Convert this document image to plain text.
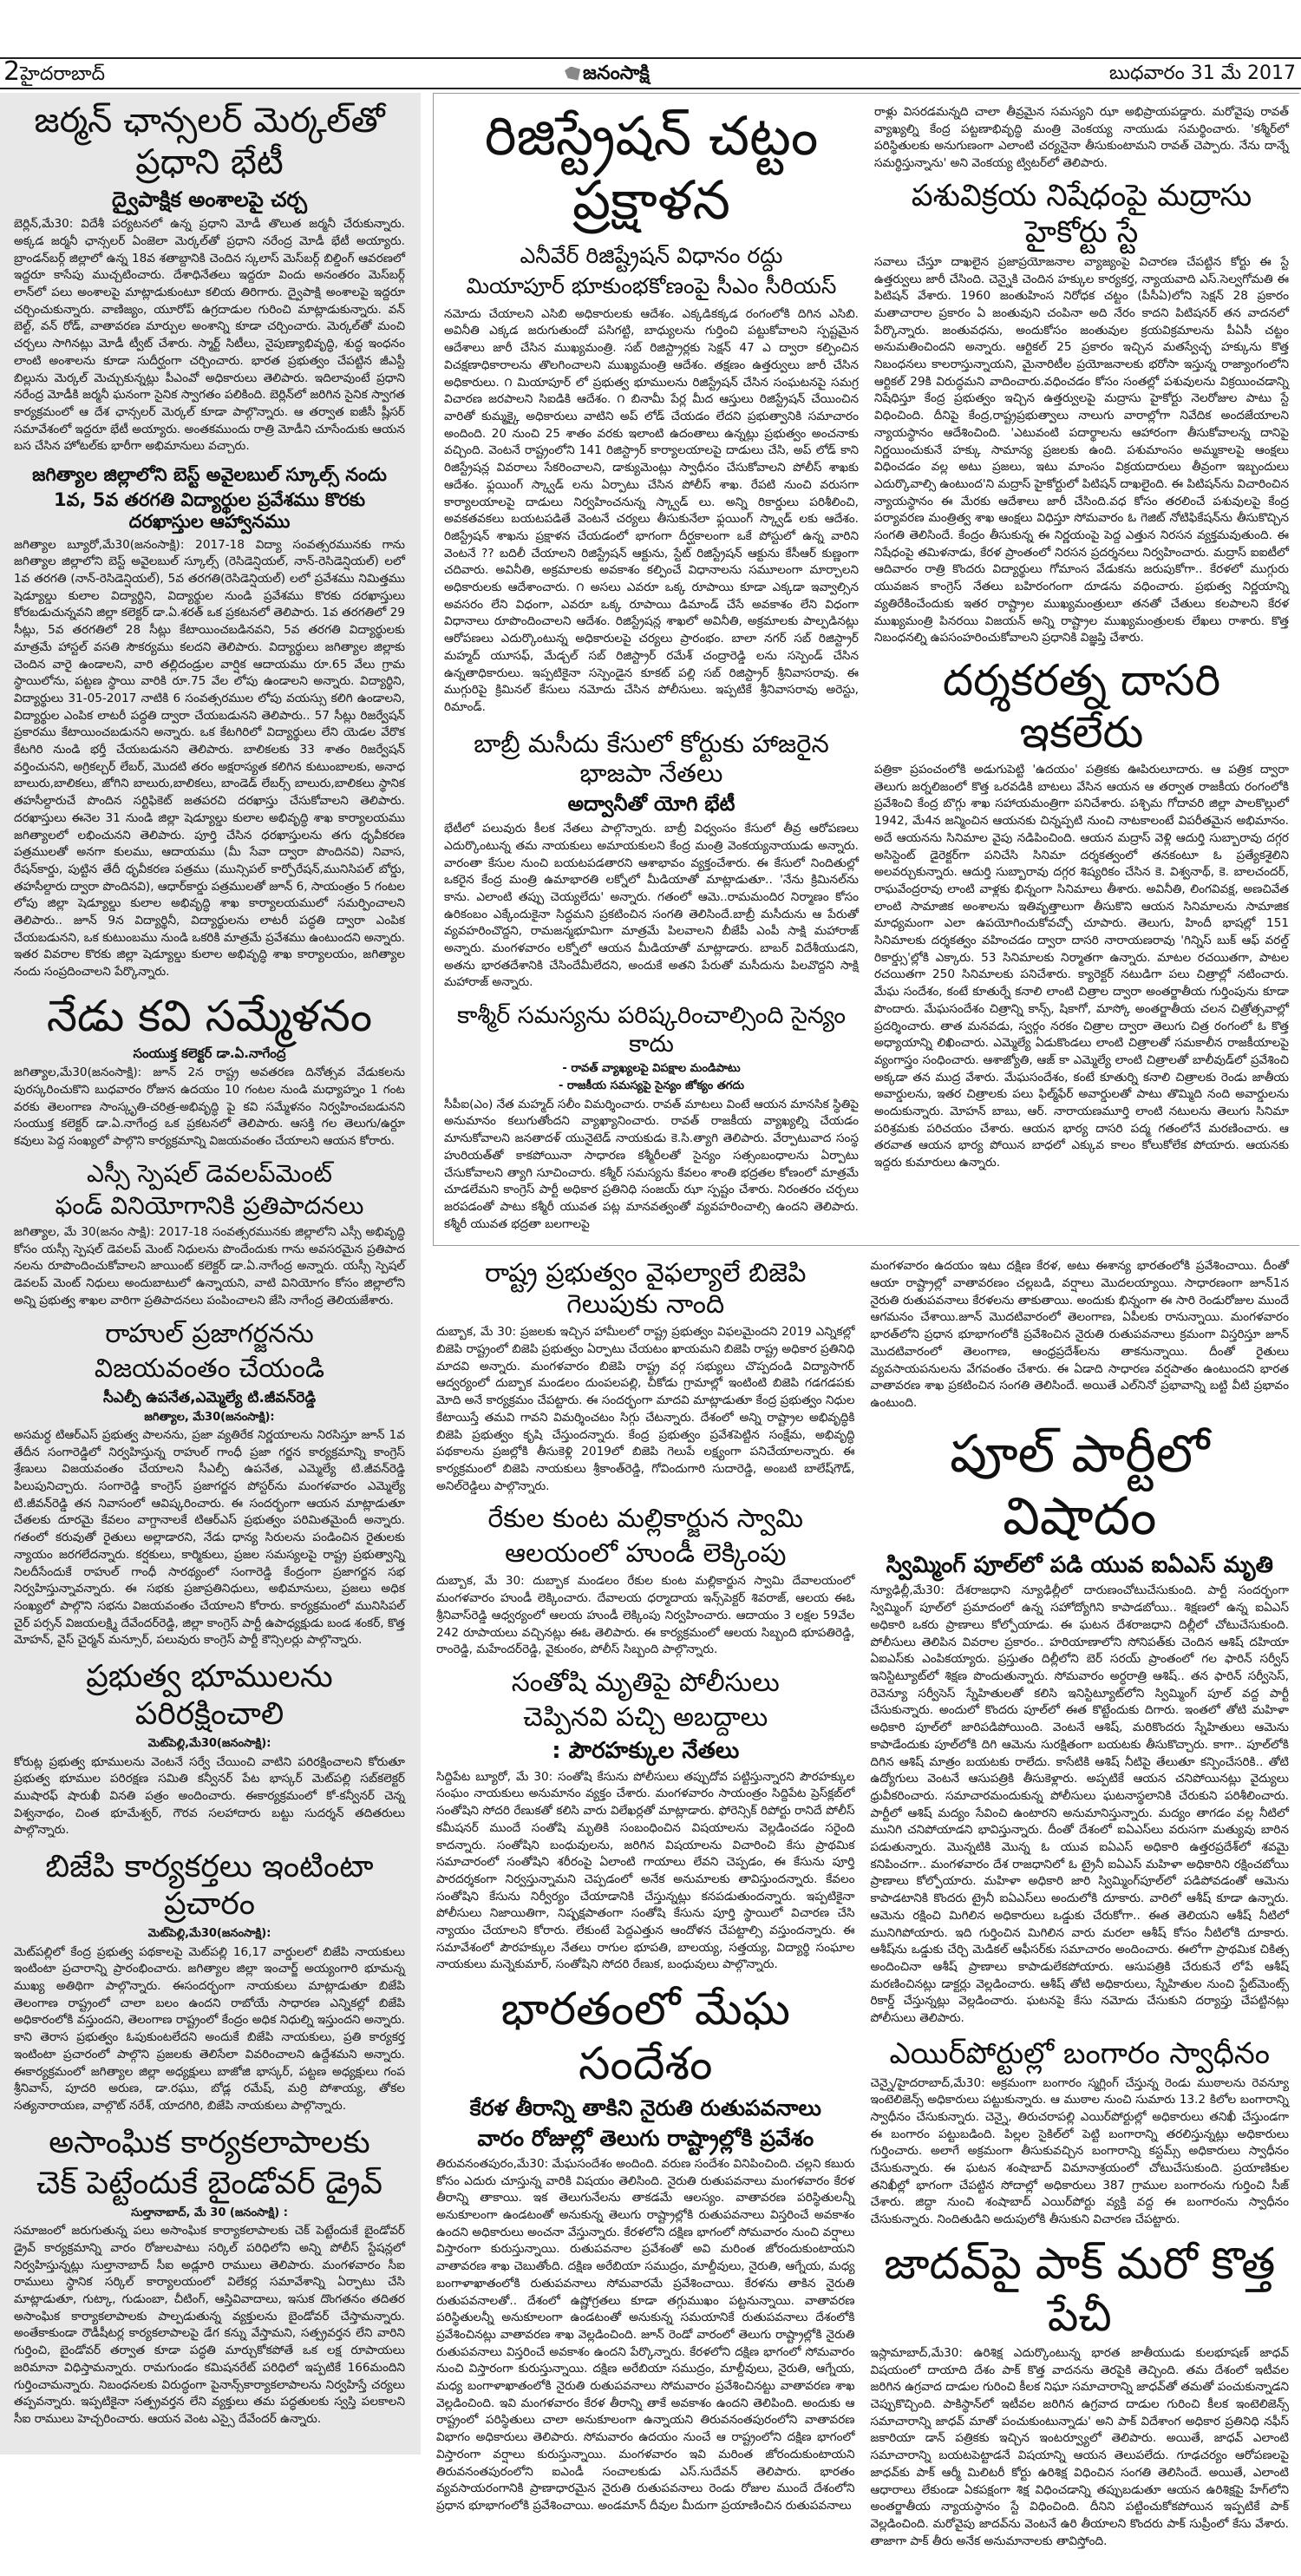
2హైదరాబాద్	జనంసాక్షి	బుధవారం 31 మే 2017
జర్మన్ ఛాన్సలర్ మెర్కల్‌తో ప్రధాని భేటీ
ద్వైపాక్షిక అంశాలపై చర్చ

బెర్లిన్,మే30: విదేశీ పర్యటనలో ఉన్న ప్రధాని మోడీ తొలుత జర్మనీ చేరుకున్నారు. అక్కడ జర్మనీ ఛాన్సలర్ ఏంజెలా మెర్కల్‌తో ప్రధాని నరేంద్ర మోడీ భేటీ అయ్యారు. బ్రాండన్‌బర్గ్ జిల్లాలో ఉన్న 18వ శతాబ్దానికి చెందిన స్కలాస్ మెస్‌బర్గ్ బిల్డింగ్ ఆవరణలో ఇద్దరూ కాసేపు ముచ్చటించారు. దేశాధినేతలు ఇద్దరూ విందు అనంతరం మెస్‌బర్గ్ లాన్‌లో పలు అంశాలపై మాట్లాడుకుంటూ కలియ తిరిగారు. ద్వైపాక్షి అంశాలపై ఇద్దరూ చర్చించుకున్నారు. వాణిజ్యం, యూరోప్ ఉగ్రదాడుల గురించి మాట్లాడుకున్నారు. వన్ బెల్ట్, వన్ రోడ్, వాతావరణ మార్పుల అంశాన్ని కూడా చర్చించారు. మెర్కల్‌తో మంచి చర్చలు సాగినట్లు మోడీ ట్వీట్ చేశారు. స్మార్ట్ సిటీలు, నైపుణ్యాభివృద్ధి, శుద్ధ ఇంధనం లాంటి అంశాలను కూడా సుదీర్ఘంగా చర్చించారు. భారత ప్రభుత్వం చేపట్టిన జీఎస్టీ బిల్లును మెర్కల్ మెచ్చుకున్నట్లు పీఎంవో అధికారులు తెలిపారు. ఇదిలావుంటే ప్రధాని నరేంద్ర మోడీకి జర్మనీ ఘనంగా సైనిక స్వాగతం పలికింది. బెర్లిన్‌లో జరిగిన సైనిక స్వాగత కార్యక్రమంలో ఆ దేశ ఛాన్సలర్ మెర్కల్ కూడా పాల్గొన్నారు. ఆ తర్వాత ఐజీసీ ష్లీసర్ సమావేశంలో ఇద్దరూ భేటీ అయ్యారు. అంతకముందు రాత్రి మోడీని చూసేందుకు ఆయన బస చేసిన హోటల్‌కు భారీగా అభిమానులు వచ్చారు.

జగిత్యాల జిల్లాలోని బెస్ట్ అవైలబుల్ స్కూల్స్ నందు
1వ, 5వ తరగతి విద్యార్థుల ప్రవేశము కొరకు దరఖాస్తుల ఆహ్వానము

జగిత్యాల బ్యూరో,మే30(జనంసాక్షి): 2017-18 విద్యా సంవత్సరమునకు గాను జగిత్యాల జిల్లాలోని బెస్ట్ అవైలబుల్ స్కూల్స్ (రెసిడెన్షియల్, నాన్-రెసిడెన్షియల్) లలో 1వ తరగతి (నాన్-రెసిడెన్షియల్), 5వ తరగతి(రెసిడెన్షియల్) లలో ప్రవేశము నిమిత్తము షెడ్యూల్డు కులాల విద్యార్థిని, విద్యార్థుల నుండి ప్రవేశము కొరకు దరఖాస్తులు కోరబడుచున్నవని జిల్లా కలెక్టర్ డా.ఏ.శరత్ ఒక ప్రకటనలో తెలిపారు. 1వ తరగతిలో 29 సీట్లు, 5వ తరగతిలో 28 సీట్లు కేటాయించబడినవని, 5వ తరగతి విద్యార్థులకు మాత్రమే హాస్టల్ వసతి సౌకర్యము కలదని తెలిపారు. విద్యార్థులు జగిత్యాల జిల్లాకు చెందిన వారై ఉండాలని, వారి తల్లిదండ్రుల వార్షిక ఆదాయము రూ.65 వేలు గ్రామ స్థాయిలోను, పట్టణ స్థాయి వారికి రూ.75 వేల లోపు ఉండాలని అన్నారు. విద్యార్థిని, విద్యార్థులు 31-05-2017 నాటికి 6 సంవత్సరముల లోపు వయస్సు కలిగి ఉండాలని, విద్యార్థుల ఎంపిక లాటరీ పద్ధతి ద్వారా చేయబడునని తెలిపారు.. 57 సీట్లు రిజర్వేషన్ ప్రకారము కేటాయించబడునని అన్నారు. ఒక కేటగిరిలో విద్యార్థులు లేని యెడల వేరొక కేటగిరి నుండి భర్తీ చేయబడునని తెలిపారు. బాలికలకు 33 శాతం రిజర్వేషన్ వర్తించునని, అగ్రికల్చర్ లేబర్, మొదటి తరం అక్షరాస్యత కలిగిన కుటుంబాలకు, అనాధ బాలురు,బాలికలు, జోగిని బాలురు,బాలికలు, బాండెడ్ లేబర్స్ బాలురు,బాలికలు స్థానిక తహసీల్దారుచే పొందిన సర్టిఫికెట్ జతపరచి దరఖాస్తు చేసుకోవాలని తెలిపారు. దరఖాస్తులు ఈనెల 31 నుండి జిల్లా షెడ్యూల్డు కులాల అభివృద్ధి శాఖ కార్యాలయము జగిత్యాలలో లభించునని తెలిపారు. పూర్తి చేసిన ధరఖాస్తులను తగు ధృవీకరణ పత్రములతో అనగా కులము, ఆదాయము (మీ సేవా ద్వారా పొందినవి) నివాస, రేషన్‌కార్డు, పుట్టిన తేదీ ధృవీకరణ పత్రము (మున్సిపల్ కార్పోరేషన్,మునిసిపల్ బోర్డు, తహసీల్దారు ద్వారా పొందినవి), ఆధార్‌కార్డు పత్రములతో జూన్ 6, సాయంత్రం 5 గంటల లోపు జిల్లా షెడ్యూల్డు కులాల అభివృద్ధి శాఖ కార్యాలయములో సమర్పించాలని తెలిపారు.. జూన్ 9న విద్యార్థినీ, విద్యార్థులను లాటరీ పద్ధతి ద్వారా ఎంపిక చేయబడునని, ఒక కుటుంబము నుండి ఒకరికి మాత్రమే ప్రవేశము ఉంటుందని అన్నారు. ఇతర వివరాల కొరకు జిల్లా షెడ్యూల్డు కులాల అభివృద్ధి శాఖ కార్యాలయం, జగిత్యాల నందు సంప్రదించాలని పేర్కొన్నారు.

నేడు కవి సమ్మేళనం
సంయుక్త కలెక్టర్ డా.ఏ.నాగేంద్ర

జగిత్యాల,మే30(జనంసాక్షి): జూన్ 2న రాష్ట్ర అవతరణ దినోత్సవ వేడుకలను పురస్కరించుకొని బుధవారం రోజున ఉదయం 10 గంటల నుండి మధ్యాహ్నం 1 గంట వరకు తెలంగాణ సాంస్కృతి-చరిత్ర-అభివృద్ధి పై కవి సమ్మేళనం నిర్వహించబడునని సంయుక్త కలెక్టర్ డా.ఏ.నాగేంద్ర ఒక ప్రకటనలో తెలిపారు. ఆసక్తి గల తెలుగు/ఉర్దూ కవులు పెద్ద సంఖ్యలో పాల్గొని కార్యక్రమాన్ని విజయవంతం చేయాలని ఆయన కోరారు.

ఎస్సీ స్పెషల్ డెవలప్‌మెంట్
ఫండ్ వినియోగానికి ప్రతిపాదనలు

జగిత్యాల, మే 30(జనం సాక్షి): 2017-18 సంవత్సరమునకు జిల్లాలోని ఎస్సీ అభివృద్ధి కోసం యస్సీ స్పెషల్ డెవలప్ మెంట్ నిధులను పొందేందుకు గాను అవసరమైన ప్రతిపాద నలను రూపొందించుకోవాలని జాయింట్ కలెక్టర్ డా.ఏ.నాగేంద్ర అన్నారు. యస్సీ స్పెషల్ డెవలప్ మెంట్ నిధులు అందుబాటులో ఉన్నాయని, వాటి వినియోగం కోసం జిల్లాలోని అన్ని ప్రభుత్వ శాఖల వారిగా ప్రతిపాదనలు పంపించాలని జేసి నాగేంద్ర తెలియజేశారు.

రాహుల్ ప్రజాగర్జనను
విజయవంతం చేయండి
సీఎల్పీ ఉపనేత,ఎమ్మెల్యే టి.జీవన్‌రెడ్డి
జగిత్యాల, మే30(జనంసాక్షి):

అసమర్ధ టిఆర్ఎస్ ప్రభుత్వ పాలనను, ప్రజా వ్యతిరేక నిర్ణయాలను నిరసిస్తూ జూన్ 1వ తేదీన సంగారెడ్డిలో నిర్వహిస్తున్న రాహుల్ గాంధీ ప్రజా గర్జన కార్యక్రమాన్ని కాంగ్రెస్ శ్రేణులు విజయవంతం చేయాలని సీఎల్పీ ఉపనేత, ఎమ్మెల్యే టి.జీవన్‌రెడ్డి పిలుపునిచ్చారు. సంగారెడ్డి కాంగ్రెస్ ప్రజాగర్జన పోస్టర్‌ను మంగళవారం ఎమ్మెల్యే టి.జీవన్‌రెడ్డి తన నివాసంలో ఆవిష్కరించారు. ఈ సందర్భంగా ఆయన మాట్లాడుతూ చేతలకు దూరమై కేవలం వాగ్దానాలకే టిఆర్ఎస్ ప్రభుత్వం పరిమితమైందీ అన్నారు. గతంలో కరువుతో రైతులు అల్లాడారని, నేడు ధాన్య సిరులను పండించిన రైతులకు న్యాయం జరగలేదన్నారు. కర్షకులు, కార్మికులు, ప్రజల సమస్యలపై రాష్ట్ర ప్రభుత్వాన్ని నిలదీసేందుకే రాహుల్ గాంధీ సారథ్యంలో సంగారెడ్డి కేంద్రంగా ప్రజాగర్జన సభ నిర్వహిస్తున్నావన్నారు. ఈ సభకు ప్రజాప్రతినిధులు, అభిమానులు, ప్రజలు అధిక సంఖ్యలో పాల్గొని సభను విజయవంతం చేయాలని కోరారు. కార్యక్రమంలో మునిసిపల్ చైర్ పర్సన్ విజయలక్ష్మి దేవేందర్‌రెడ్డి, జిల్లా కాంగ్రెస్ పార్టీ ఉపాధ్యక్షుడు బండ శంకర్, కొత్త మోహన్, వైస్ చైర్మన్ మన్సూర్, పలువురు కాంగ్రెస్ పార్టీ కౌన్సిలర్లు పాల్గొన్నారు.

ప్రభుత్వ భూములను పరిరక్షించాలి
మెట్‌పెల్లి,మే30(జనంసాక్షి):

కోరుట్ల ప్రభుత్వ భూములను వెంటనే సర్వే చేయించి వాటిని పరిరక్షించాలని కోరుతూ ప్రభుత్వ భూముల పరిరక్షణ సమితి కన్వీనర్ పేట భాస్కర్ మెట్‌పల్లి సబ్‌కలెక్టర్ ముషారఫ్ షారుఖీ వినతి పత్రం అందించారు. ఈకార్యక్రమంలో కో-కన్వీనర్ చెన్న విశ్వనాథం, చింత భూమేశ్వర్, గౌరవ సలహాదారు బట్టు సుదర్శన్ తదితరులు పాల్గొన్నారు.

బిజేపి కార్యకర్తలు ఇంటింటా ప్రచారం
మెట్‌పెల్లి,మే30(జనంసాక్షి):

మెట్‌పల్లిలో కేంద్ర ప్రభుత్వ పథకాలపై మెట్‌పల్లి 16,17 వార్డులలో బిజేపి నాయకులు ఇంటింటా ప్రచారాన్ని ప్రారంభించారు. జగిత్యాల జిల్లా ఇంచార్జ్ అయ్యంగారి భూమన్న ముఖ్య అతిథిగా పాల్గొన్నారు. ఈసందర్భంగా నాయకులు మాట్లాడుతూ బిజేపి తెలంగాణ రాష్ట్రంలో చాలా బలం ఉందని రాబోయే సాధారణ ఎన్నికల్లో బిజేపి అధికారంలోకి వస్తుందని, తెలంగాణ రాష్ట్రంలో కేంద్రం అధిక నిధుల్ని ఇస్తుందని అన్నారు. కాని తెరాస ప్రభుత్వం ఓపుకుంటలేదని అందుకే బిజేపి నాయకులు, ప్రతి కార్యకర్త ఇంటింటా ప్రచారంలో పాల్గొని ప్రజలకు తెలిసేలా వివరించాలని ఉద్దేశమని అన్నారు. ఈకార్యక్రమంలో జగిత్యాల జిల్లా అధ్యక్షులు బాజోజి భాస్కర్, పట్టణ అధ్యక్షులు గంప శ్రీనివాస్, పూదరి అరుణ, డా.రఘు, బోడ్ల రమేష్, మర్రి పోశాయ్య, తోకల సత్యనారాయణ, వాల్గొట్ నరేశ్, యాదగిరి, బిజేపి నాయకులు పాల్గొన్నారు.

అసాంఘిక కార్యకలాపాలకు
చెక్ పెట్టేందుకే బైండోవర్ డ్రైవ్
సుల్తానాబాద్, మే 30 (జనంసాక్షి) :

సమాజంలో జరుగుతున్న పలు అసాంఘిక కార్యాకలాపాలకు చెక్ పెట్టేందుకే బైండోవర్ డ్రైవ్ కార్యక్రమాన్ని వారం రోజులపాటు సర్కిల్ పరిధిలోని అన్ని పోలీస్ స్టేషన్లలో నిర్వహిస్తున్నట్లు సుల్తానాబాద్ సీఐ అడ్లూరి రాములు తెలిపారు. మంగళవారం సీఐ రాములు స్థానిక సర్కిల్ కార్యాలయంలో విలేకర్ల సమావేశాన్ని ఏర్పాటు చేసి మాట్లాడుతూ, గుట్కా, గుడుంబా, చీటింగ్, ఆస్తివివాదాలు, ఇసుక దొంగతనం తదితర అసాంఘిక కార్యాకలాపాలకు పాల్పడుతున్న వ్యక్తులను బైండోవర్ చేస్తామన్నారు. అంతేకాకుండా రౌడీషీటర్ల కార్యకలాపాలపై డేగ కన్ను వేస్తామని, సత్ప్రవర్తన లేని వారిని గుర్తించి, బైండోవర్ తర్వాత కూడా పద్ధతి మార్చుకోకపోతే ఒక లక్ష రూపాయలు జరిమానా విధిస్తామన్నారు. రామగుండం కమిషనరేట్ పరిధిలో ఇప్పటికే 166మందిని గుర్తించామన్నారు. నిబంధనలకు విరుద్ధంగా పైనాన్స్‌కార్యాకలాపాలను నిర్వహిస్తే చర్యలు తప్పవన్నారు. ఇప్పటికైనా సత్ప్రవర్తన లేని వ్యక్తులు తమ పద్ధతులకు స్వస్తి పలకాలని సీఐ రాములు హెచ్చరించారు. ఆయన వెంట ఎస్సై దేవేందర్ ఉన్నారు.

రిజిస్ట్రేషన్ చట్టం ప్రక్షాళన
ఎనీవేర్ రిజిష్ట్రేషన్ విధానం రద్దు
మియాపూర్ భూకుంభకోణంపై సీఎం సీరియస్

నమోదు చేయాలని ఎసిబి అధికారులకు ఆదేశం. ఎక్కడికక్కడ రంగంలోకి దిగిన ఎసిబి. అవినీతి ఎక్కడ జరుగుతుందో పసిగట్టి, బాధ్యులను గుర్తించి పట్టుకోవాలని స్పష్టమైన ఆదేశాలు జారీ చేసిన ముఖ్యమంత్రి. సబ్ రిజిస్ట్రార్లకు సెక్షన్ 47 ఎ ద్వారా కల్పించిన విచక్షణాధికారాలను తొలగించాలని ముఖ్యమంత్రి ఆదేశం. తక్షణం ఉత్తర్వులు జారీ చేసిన అధికారులు. ౧ మియాపూర్ లో ప్రభుత్వ భూములను రిజిస్ట్రేషన్ చేసిన సంఘటనపై సమగ్ర విచారణ జరపాలని సిఐడికి ఆదేశం. ౧ బినామీ పేర్ల మీద ఆస్తులు రిజిస్ట్రేషన్ చేయించిన వారితో కుమ్మక్కై అధికారులు వాటిని అప్ లోడ్ చేయడం లేదని ప్రభుత్వానికి సమాచారం అందింది. 20 నుంచి 25 శాతం వరకు ఇలాంటి ఉదంతాలు ఉన్నట్లు ప్రభుత్వం అంచనాకు వచ్చింది. వెంటనే రాష్ట్రంలోని 141 రిజిస్ట్రార్ కార్యాలయాలపై దాడులు చేసి, అప్ లోడ్ కాని రిజిస్ట్రేషన్ల వివరాలు సేకరించాలని, డాక్యుమెంట్లు స్వాధీనం చేసుకోవాలని పోలీస్ శాఖకు ఆదేశం. ఫ్లయింగ్ స్క్వాడ్ లను ఏర్పాటు చేసిన పోలీస్ శాఖ. రేపటి నుంచి వరుసగా కార్యాలయాలపై దాడులు నిర్వహించనున్న స్క్వాడ్ లు. అన్ని రికార్డులు పరిశీలించి, అవకతవకలు బయటపడితే వెంటనే చర్యలు తీసుకునేలా ఫ్లయింగ్ స్క్వాడ్ లకు ఆదేశం. రిజిస్ట్రేషన్ శాఖను ప్రక్షాళన చేయడంలో భాగంగా దీర్ఘకాలంగా ఒకే పోస్టులో ఉన్న వారిని వెంటనే ?? బదిలీ చేయాలని రిజిస్ట్రేషన్ ఆక్టును, స్టేట్ రిజిస్ట్రేషన్ ఆక్టును కేసీఆర్ కుణ్ణంగా చదివారు. అవినీతి, అక్రమాలకు అవకాశం కల్పించే విధానాలను సమూలంగా మార్చాలని అధికారులకు ఆదేశాంచారు. ౧ అసలు ఎవరూ ఒక్క రూపాయి కూడా ఎక్కడా ఇవ్వాల్సిన అవసరం లేని విధంగా, ఎవరూ ఒక్క రూపాయి డిమాండ్ చేసే అవకాశం లేని విధంగా విధానాలు రూపొందించాలని ఆదేశం. రిజిస్ట్రేషన్ల శాఖలో అవినీతి, అక్రమాలకు పాల్పడినట్లు ఆరోపణలు ఎదుర్కొంటున్న అధికారులపై చర్యలు ప్రారంభం. బాలా నగర్ సబ్ రిజిస్ట్రార్ మహ్మద్ యూసఫ్, మేడ్చల్ సబ్ రిజిస్ట్రార్ రమేశ్ చంద్రారెడ్డి లను సస్పెండ్ చేసిన ఉన్నతాధికారులు. ఇప్పటికైనా సస్పెండైన కూకట్ పల్లి సబ్ రిజిస్ట్రార్ శ్రీనివాసరావు. ఈ ముగ్గురిపై క్రిమినల్ కేసులు నమోదు చేసిన పోలీసులు. ఇప్పటికే శ్రీనివాసరావు అరెస్టు, రిమాండ్.

బాబ్రీ మసీదు కేసులో కోర్టుకు హాజరైన భాజపా నేతలు
అద్వానీతో యోగి భేటీ

భేటీలో పలువురు కీలక నేతలు పాల్గొన్నారు. బాబ్రీ విధ్వంసం కేసులో తీవ్ర ఆరోపణలు ఎదుర్కొంటున్న తమ నాయకులు అమాయకులని కేంద్ర మంత్రి వెంకయ్యనాయుడు అన్నారు. వారంతా కేసుల నుంచి బయటపడతారని ఆశాభావం వ్యక్తంచేశారు. ఈ కేసులో నిందితుల్లో ఒకరైన కేంద్ర మంత్రి ఉమాభారతి లక్నోలో మీడియాతో మాట్లాడుతూ.. 'నేను క్రిమినల్‌ను కాను. ఎలాంటి తప్పు చెయ్యలేదు' అన్నారు. గతంలో ఆమె..రామమందిర నిర్మాణం కోసం ఉరికంబం ఎక్కేందుకైనా సిద్ధమని ప్రకటించిన సంగతి తెలిసిందే.బాబ్రీ మసీదును ఆ పేరుతో వ్యవహరించొద్దని, రామజన్మభూమిగా మాత్రమే పిలవాలని బీజేపీ ఎంపీ సాక్షి మహారాజ్ అన్నారు. మంగళవారం లక్నోలో ఆయన మీడియాతో మాట్లాడారు. బాబర్ విదేశీయుడని, అతను భారతదేశానికి చేసిందేమీలేదని, అందుకే అతని పేరుతో మసీదును పిలవొద్దని సాక్షి మహారాజ్ అన్నారు.

కాశ్మీర్ సమస్యను పరిష్కరించాల్సింది సైన్యం కాదు
- రావత్ వ్యాఖ్యలపై విపక్షాల మండిపాటు
- రాజకీయ సమస్యపై సైన్యం జోక్యం తగదు

సీపీఐ(ఎం) నేత మహ్మద్ సలీం విమర్శించారు. రావత్ మాటలు వింటే ఆయన మానసిక స్థితిపై అనుమానం కలుగుతోందని వ్యాఖ్యానించారు. రావత్ రాజకీయ వ్యాఖ్యల్ని చేయడం మానుకోవాలని జనతాదళ్ యునైటెడ్ నాయకుడు కె.సి.త్యాగి తెలిపారు. వేర్పాటువాద సంస్థ హురియత్‌తో కాకపోయినా సాధారణ కశ్మీరీలతో సైన్యం సత్సంబంధాలను ఏర్పాటు చేసుకోవాలని త్యాగి సూచించారు. కశ్మీర్ సమస్యను కేవలం శాంతి భద్రతల కోణంలో మాత్రమే చూడలేమని కాంగ్రెస్ పార్టీ అధికార ప్రతినిధి సంజయ్ ఝా స్పష్టం చేశారు. నిరంతరం చర్చలు జరపడంతో పాటు కశ్మీరీ యువత పట్ల మానవత్వంతో వ్యవహరించాల్సి ఉందని తెలిపారు. కశ్మీరీ యువత భద్రతా బలగాలపై

రాళ్లు విసరడమన్నది చాలా తీవ్రమైన సమస్యని ఝా అభిప్రాయపడ్డారు. మరోవైపు రావత్ వ్యాఖ్యల్ని కేంద్ర పట్టణాభివృద్ధి మంత్రి వెంకయ్య నాయుడు సమర్థించారు. 'కశ్మీర్‌లో పరిస్థితులకు అనుగుణంగా ఎలాంటి చర్యనైనా తీసుకుంటామని రావత్ చెప్పారు. నేను దాన్నే సమర్థిస్తున్నాను' అని వెంకయ్య ట్విటర్‌లో తెలిపారు.

పశువిక్రయ నిషేధంపై మద్రాసు హైకోర్టు స్టే

సవాలు చేస్తూ దాఖలైన ప్రజాప్రయోజనాల వ్యాజ్యంపై విచారణ చేపట్టిన కోర్టు ఈ స్టే ఉత్తర్వులు జారీ చేసింది. చెన్నైకి చెందిన హక్కుల కార్యకర్త, న్యాయవాది ఎస్.సెల్వగోమతి ఈ పిటిషన్ వేశారు. 1960 జంతుహింస నిరోధక చట్టం (పీసీఏ)లోని సెక్షన్ 28 ప్రకారం మతాచారాల ప్రకారం ఏ జంతువుని చంపినా అది నేరం కాదని పిటిషనర్ తన వాదనలో పేర్కొన్నారు. జంతువధను, అందుకోసం జంతువుల క్రయవిక్రమాలను పీఏసీ చట్టం అనుమతించిందని అన్నారు. ఆర్టికల్ 25 ప్రకారం ఇచ్చిన మతస్వేచ్ఛ హక్కును కొత్త నిబంధనలు కాలరాస్తున్నాయని, మైనారిటీల ప్రయోజనాలకు భరోసా ఇస్తున్న రాజ్యాంగంలోని ఆర్టికల్ 29కి విరుద్ధమని వాదించారు.వధించడం కోసం సంతల్లో పశువులను విక్రయించడాన్ని నిషేధిస్తూ కేంద్ర ప్రభుత్వం ఇచ్చిన ఉత్తర్వులపై మద్రాసు హైకోర్టు నెలరోజుల పాటు స్టే విధించింది. దీనిపై కేంద్ర,రాష్ట్రప్రభుత్వాలు నాలుగు వారాల్లోగా నివేదిక అందజేయాలని న్యాయస్థానం ఆదేశించింది. 'ఎటువంటి పదార్థాలను ఆహారంగా తీసుకోవాలన్న దానిపై నిర్ణయించుకునే హక్కు సామాన్య ప్రజలకు ఉంది. పశుమాంసం అమ్మకాలపై ఆంక్షలు విధించడం వల్ల అటు ప్రజలు, ఇటు మాంసం విక్రయదారులు తీవ్రంగా ఇబ్బందులు ఎదుర్కొవాల్సి ఉంటుంద'ని మద్రాస్ హైకోర్టులో పిటిషన్ దాఖలైంది. ఈ పిటిషన్‌ను విచారించిన న్యాయస్థానం ఈ మేరకు ఆదేశాలు జారీ చేసింది.వధ కోసం తరలించే పశువులపై కేంద్ర పర్యావరణ మంత్రిత్వ శాఖ ఆంక్షలు విధిస్తూ సోమవారం ఓ గెజిట్ నోటిఫికేషన్‌ను తీసుకొచ్చిన సంగతి తెలిసిందే. కేంద్రం తీసుకున్న ఈ నిర్ణయంపై పెద్ద ఎత్తున నిరసన వ్యక్తమవుతుంది. ఈ నిషేధంపై తమిళనాడు, కేరళ ప్రాంతంలో నిరసన ప్రదర్శనలు నిర్వహించారు. మద్రాస్ ఐఐటీలో ఆదివారం రాత్రి కొందరు విద్యార్థులు గోమాంస వేడుకను జరుపుకోగా.. కేరళలో ముగ్గురు యువజన కాంగ్రెస్ నేతలు బహిరంగంగా దూడను వధించారు. ప్రభుత్వ నిర్ణయాన్ని వ్యతిరేకించేందుకు ఇతర రాష్ట్రాల ముఖ్యమంత్రులూ తనతో చేతులు కలపాలని కేరళ ముఖ్యమంత్రి పినరయి విజయన్ అన్ని రాష్ట్రాల ముఖ్యమంత్రులకు లేఖలు రాశారు. కొత్త నిబంధనల్ని ఉపసంహరించుకోవాలని ప్రధానికి విజ్ఞప్తి చేశారు.

దర్శకరత్న దాసరి ఇకలేరు

పత్రికా ప్రపంచంలోకి అడుగుపెట్టి 'ఉదయం' పత్రికకు ఊపిరులూదారు. ఆ పత్రిక ద్వారా తెలుగు జర్నలిజంలో కొత్త ఒరవడికి బాటలు వేసిన ఆయన ఆ తర్వాత రాజకీయ రంగంలోకి ప్రవేశించి కేంద్ర బొగ్గు శాఖ సహాయమంత్రిగా పనిచేశారు. పశ్చిమ గోదావరి జిల్లా పాలకొల్లులో 1942, మే4న జన్మించిన ఆయనకు చిన్నప్పటి నుంచి నాటకాలంటే విపరీతమైన అభిమానం. అదే ఆయనను సినిమాల వైపు నడిపించింది. ఆయన మద్రాస్ వెళ్లి ఆదుర్తి సుబ్బారావు దగ్గర అసిస్టెంట్ డైరెక్టర్‌గా పనిచేసి సినిమా దర్శకత్వంలో తనకంటూ ఓ ప్రత్యేకశైలిని అలవర్చుకున్నారు. ఆదుర్తి సుబ్బారావు దగ్గర శిష్యరికం చేసిన కె. విశ్వనాథ్, కె. బాలచందర్, రాఘవేంద్రరావు లాంటి వాళ్లకు భిన్నంగా సినిమాలు తీశారు. అవినీతి, లింగవివక్ష, అణచివేత లాంటి సామాజిక అంశాలను ఇతివృత్తాలుగా తీసుకొని ఆయన సినిమాలను సామాజిక మాధ్యమంగా ఎలా ఉపయోగించుకోవచ్చో చూపారు. తెలుగు, హిందీ భాషల్లో 151 సినిమాలకు దర్శకత్వం వహించడం ద్వారా దాసరి నారాయణరావు 'గిన్నిస్ బుక్ ఆఫ్ వరల్డ్ రికార్డ్సు'ల్లోకి ఎక్కారు. 53 సినిమాలకు నిర్మాతగా ఉన్నారు. మాటల రచయితగా, పాటల రచయితగా 250 సినిమాలకు పనిచేశారు. క్యారెక్టర్ నటుడిగా పలు చిత్రాల్లో నటించారు. మేఘ సందేశం, కంటే కూతుర్నే కనాలి లాంటి చిత్రాల ద్వారా అంతర్జాతీయ గుర్తింపును కూడా పొందారు. మేఘసందేశం చిత్రాన్ని కాన్స్, షికాగో, మాస్కో అంతర్జాతీయ చలన చిత్రోత్సవాల్లో ప్రదర్శించారు. తాత మనవడు, స్వర్గం నరకం చిత్రాల ద్వారా తెలుగు చిత్ర రంగంలో ఓ కొత్త అధ్యాయాన్ని లిఖించారు. ఎమ్మెల్యే ఏడుకొండలు లాంటి చిత్రాలతో సమకాలీన రాజకీయాలపై వ్యంగాస్త్రం సంధించారు. ఆశాజ్యోతి, ఆజ్ కా ఎమ్మెల్యే లాంటి చిత్రాలతో బాలీవుడ్‌లో ప్రవేశించి అక్కడా తన ముద్ర వేశారు. మేఘసందేశం, కంటే కూతుర్ని కనాలి చిత్రాలకు రెండు జాతీయ అవార్డులను, ఇతర చిత్రాలకు పలు ఫిల్మ్‌ఫేర్ అవార్డులతో పాటు తొమ్మిది నంది అవార్డులను అందుకున్నారు. మోహన్ బాబు, ఆర్. నారాయణమూర్తి లాంటి నటులను తెలుగు సినిమా పరిశ్రమకు పరిచయం చేశారు. ఆయన భార్య దాసరి పద్మ గతంలోనే మరణించారు. ఆ తరవాత ఆయన భార్య పోయిన బాధలో ఎక్కువ కాలం కోలుకోలేక పోయారు. ఆయనకు ఇద్దరు కుమారులు ఉన్నారు.

రాష్ట్ర ప్రభుత్వం వైఫల్యాలే బిజెపి గెలుపుకు నాంది

దుబ్బాక, మే 30: ప్రజలకు ఇచ్చిన హామీలలో రాష్ట్ర ప్రభుత్వం విఫలమైందని 2019 ఎన్నికల్లో బిజెపి రాష్ట్రంలో బిజెపి ప్రభుత్వం ఏర్పాటు చేయటం ఖాయమని బిజెపి రాష్ట్ర అధికార ప్రతినిధి మాదవి అన్నారు. మంగళవారం బిజెపి రాష్ట్ర వర్గ సభ్యులు చొప్పదండి విద్యాసాగర్ ఆద్వర్యంలో దుబ్బాక మండలం దుంపలపల్లి, చీకోడు గ్రామాల్లో ఇంటింటి బిజెపి గడగడపకు మోది అనే కార్యక్రమం చేపట్టారు. ఈ సందర్భంగా మాదవి మాట్లాడుతూ కేంద్ర ప్రభుత్వం నిధుల కేటాయిస్తే తమవి గావని విమర్శించటం సిగ్గు చేటన్నారు. దేశంలో అన్ని రాష్ట్రాల అభివృద్ధికి బిజెపి ప్రభుత్వం కృషి చేస్తుందన్నారు. కేంద్ర ప్రభుత్వం ప్రవేశపెట్టిన సంక్షేమ, అభివృద్ధి పథకాలను ప్రజల్లోకి తీసుకెళ్లి 2019లో బిజెపి గెలుపే లక్ష్యంగా పనిచేయాలన్నారు. ఈ కార్యక్రమంలో బిజెపి నాయకులు శ్రీకాంత్‌రెడ్డి, గోవిందుగారి సుదారెడ్డి, అంబటి బాలేష్‌గౌడ్, అనిల్‌రెడ్డిలు పాల్గొన్నారు.

రేకుల కుంట మల్లికార్జున స్వామి
ఆలయంలో హుండీ లెక్కింపు

దుబ్బాక, మే 30: దుబ్బాక మండలం రేకుల కుంట మల్లికార్జున స్వామి దేవాలయంలో మంగళవారం హుండీ లెక్కించారు. దేవాలయ ధర్మాదాయ ఇన్స్‌పెక్టర్ శివరాజ్, ఆలయ ఈఓ శ్రీనివాస్‌రెడ్డి ఆధ్వర్యంలో ఆలయ హుండీ లెక్కింపు నిర్వహించారు. ఆదాయం 3 లక్షల 59వేల 242 రూపాయలు వచ్చినట్లు ఈఓ తెలిపారు. ఈ కార్యక్రమంలో ఆలయ సిబ్బంది భూపతిరెడ్డి, రాంరెడ్డి, మహేందర్‌రెడ్డి, వైకుంఠం, పోలీస్ సిబ్బంది పాల్గొన్నారు.

సంతోషి మృతిపై పోలీసులు
చెప్పినవి పచ్చి అబద్దాలు
: పౌరహక్కుల నేతలు

సిద్దిపేట బ్యూరో, మే 30: సంతోషి కేసును పోలీసులు తప్పుదోవ పట్టిస్తున్నారని పౌరహక్కుల సంఘం నాయకులు అనుమానం వ్యక్తం చేశారు. మంగళవారం సాయంత్రం సిద్దిపేట ప్రెస్‌క్లబ్‌లో సంతోషిని సోదరి రేణుకతో కలిసి వారు విలేఖర్లతో మాట్లాడారు. ఫోరెన్సిక్ రిపోర్టు రానిదే పోలీస్ కమీషనర్ ముందే సంతోషి మృతికి సంబంధించిన విషయాలను వెల్లడించడం సరైంది కాదన్నారు. సంతోషిని బంధువులను, జరిగిన విషయాలను విచారించి కేసు ప్రాథమిక సమాచారంలో సంతోషిని శరీరంపై ఏలాంటి గాయాలు లేవని చెప్పడం, ఈ కేసును పూర్తి పారదర్శకంగా నిర్వస్తున్నామని చెప్పడంలో అనేక అనుమాలకు తావిస్తుందన్నారు. కేవలం సంతోషిని కేసును నిర్వీర్యం చేయాడానికి చేస్తున్నట్లు కనపడుతుందన్నారు. ఇప్పటికైనా పోలీసులు నిజాయితిగా, నిష్పక్షపాతంగా సంతోషి కేసును పూర్తి స్థాయిలో విచారణ చేసి న్యాయం చేయాలని కోరారు. లేకుంటే పెద్దఎత్తున ఆందోళన చేపట్టాల్సి వస్తుందన్నారు. ఈ సమావేశంలో పౌరహక్కుల నేతలు రాగుల భూపతి, బాలయ్య, సత్తయ్య, విద్యార్థి సంఘాల నాయకులు మన్నెకుమార్, సంతోషిని సోదరి రేణుక, బంధువులు పాల్గొన్నారు.

భారతంలో మేఘ సందేశం
కేరళ తీరాన్ని తాకిని నైరుతి రుతుపవనాలు
వారం రోజుల్లో తెలుగు రాష్ట్రాల్లోకి ప్రవేశం

తిరువనంతపురం,మే30: మేఘసందేశం అందింది. వరుణ సందేశం వినిపించింది. చల్లని కబురు కోసం ఎదురు చూస్తున్న వారికి విషయం తెలిసింది. నైరుతి రుతుపవనాలు మంగళవారం కేరళ తీరాన్ని తాకాయి. ఇక తెలుగునేలను తాకడమే ఆలస్యం. వాతావరణ పరిస్థితులన్నీ అనుకూలంగా ఉండటంతో అనుకున్న తెలుగు రాష్ట్రాల్లోకి రుతుపవనాలు విస్తరించే అవకాశం ఉందని అధికారులు అంచనా వేస్తున్నారు. కేరళలోని దక్షిణ భాగంలో సోమవారం నుంచి వర్షాలు విస్తారంగా కురుస్తున్నాయి. రుతుపవనాల ప్రవేశంతో అవి మరింత జోరందుకుంటాయని వాతావరణ శాఖ చెబుతోంది. దక్షిణ అరేబియా సముద్రం, మాల్దీవులు, నైరుతి, ఆగ్నేయ, మధ్య బంగాళాఖాతంలోకి రుతుపవనాలు సోమవారమే ప్రవేశించాయి. కేరళను తాకిన నైరుతి రుతుపవనాలతో.. దేశంలో ఉష్ణోగ్రతలు కూడా తగ్గుముఖం పట్టనున్నాయి. వాతావరణ పరిస్థితులన్నీ అనుకూలంగా ఉండటంతో అనుకున్న సమయానికే రుతుపవనాలు దేశంలోకి ప్రవేశించినట్లు వాతావరణ శాఖ వెల్లడించింది. జూన్ రెండో వారంలో తెలుగు రాష్ట్రాల్లోకి నైరుతి రుతుపవనాలు విస్తరించే అవకాశం ఉందని పేర్కొన్నారు. కేరళలోని దక్షిణ భాగంలో సోమవారం నుంచి విస్తారంగా కురుస్తున్నాయి. దక్షిణ అరేబియా సముద్రం, మాల్దీవులు, నైరుతి, ఆగ్నేయ, మధ్య బంగాళాఖాతంలోకి నైరుతి రుతుపవనాలు సోమవారం ప్రవేశించినట్టు వాతావరణ శాఖ వెల్లడించింది. ఇవి మంగళవారం కేరళ తీరాన్ని తాకే అవకాశం ఉందని తెలిపింది. అందుకు ఆ రాష్ట్రంలో పరిస్థితులు చాలా అనుకూలంగా ఉన్నాయని తిరువనంతపురంలోని వాతావరణ విభాగం అధికారులు తెలిపారు. సోమవారం ఉదయం నుంచే ఆ రాష్ట్రంలోని దక్షిణ భాగంలో విస్తారంగా వర్షాలు కురుస్తున్నాయి. మంగళవారం ఇవి మరింత జోరందుకుంటాయని తిరువనంతపురంలోని ఐఎండీ సంచాలకుడు ఎస్.సుదేవన్ తెలిపారు. భారతం వ్యవసాయరంగానికి ప్రాణాధారమైన నైరుతి రుతుపవనాలు రెండు రోజుల ముందే దేశంలోని ప్రధాన భూభాగంలోకి ప్రవేశించాయి. అండమాన్ దీవుల మీదుగా ప్రయాణించిన రుతుపవనాలు

మంగళవారం ఉదయం ఇటు దక్షిణ కేరళ, అటు ఈశాన్య భారతంలోకి ప్రవేశించాయి. దీంతో ఆయా రాష్ట్రాల్లో వాతావరణం చల్లబడి, వర్షాలు మొదలయ్యాయి. సాధారణంగా జూన్1న నైరుతి రుతుపవనాలు కేరళలను తాకుతాయి. అందుకు భిన్నంగా ఈ సారి రెండురోజుల ముందే ఆగమనం చేశాయి.జూన్ మొదటివారంలో తెలంగాణ, ఏపీలకు రానున్నాయి. మంగళవారం భారత్‌లోని ప్రధాన భూభాగంలోకి ప్రవేశించిన నైరుతి రుతుపవనాలు క్రమంగా విస్తరిస్తూ జూన్ మొదటివారంలో తెలంగాణ, ఆంధ్రప్రదేశ్‌లను తాకనున్నాయి. దీంతో రైతులు వ్యవసాయపనులను వేగవంతం చేశారు. ఈ ఏడాది సాధారణ వర్షపాతం ఉంటుందని భారత వాతావరణ శాఖ ప్రకటించిన సంగతి తెలిసిందే. అయితే ఎల్‌నినో ప్రభావాన్ని బట్టి వీటి ప్రభావం ఉంటుంది.

పూల్ పార్టీలో విషాదం
స్విమ్మింగ్ పూల్‌లో పడి యువ ఐఏఎస్ మృతి

న్యూఢిల్లీ,మే30: దేశరాజధాని న్యూఢిల్లీలో దారుణంచోటుచేసుకుంది. పార్టీ సందర్భంగా స్విమ్మింగ్ పూల్‌లో ప్రమాదంలో ఉన్న సహోద్యోగిని కాపాడబోయి.. శిక్షణలో ఉన్న ఐఏఎస్ అధికారి ఒకరు ప్రాణాలు కోల్పోయాడు. ఈ ఘటన దేశరాజధాని దిల్లీలో చోటుచేసుకుంది. పోలీసులు తెలిపిన వివరాల ప్రకారం.. హరియాణాలోని సోనిపత్‌కు చెందిన ఆశిష్ దహియా ఏఐఎస్‌కు ఎంపికయ్యారు. ప్రస్తుతం దిల్లీలోని బెర్ సరయ్ ప్రాంతంలో గల ఫారిన్ సర్వీస్ ఇనిస్టిట్యూట్‌లో శిక్షణ పొందుతున్నారు. సోమవారం అర్ధరాత్రి ఆశిష్.. తన ఫారిన్ సర్వీసెస్, రెవెన్యూ సర్వీసెస్ స్నేహితులతో కలిసి ఇనిస్టిట్యూట్‌లోని స్విమ్మింగ్ పూల్ వద్ద పార్టీ చేసుకున్నారు. అందులో కొందరు పూల్‌లో ఈత కొట్టేందుకు దిగారు. ఇంతలో తోటి మహిళా అధికారి పూల్‌లో జారిపడిపోయింది. వెంటనే ఆశిష్, మరికొందరు స్నేహితులు ఆమెను కాపాడేందుకు పూల్‌లోకి దిగి ఆమెను సురక్షితంగా బయటకు తీసుకొచ్చారు. కాగా.. పూల్‌లోకి దిగిన ఆశిష్ మాత్రం బయటకు రాలేదు. కాసేటికి ఆశిష్ నీటిపై తేలుతూ కన్పించేసరికి.. తోటి ఉద్యోగులు వెంటనే ఆసుపత్రికి తీసుకెళ్లారు. అప్పటికే ఆయన చనిపోయినట్లు వైద్యులు ధ్రువీకరించారు. సమాచారమందుకున్న పోలీసులు ఘటనాస్థలానికి చేరుకుని పరిశీలించారు. పార్టీలో ఆశిష్ మద్యం సేవించి ఉంటారని అనుమానిస్తున్నారు. మద్యం తాగడం వల్ల నీటిలో మునిగి చనిపోయాడని భావిస్తున్నారు. దీంతో దేశంలో ఐఏఎస్‌లు వరుసగా మత్యువు బారిన పడుతున్నారు. మొన్నటికి మొన్న ఓ యువ ఐఏఎస్ అధికారి ఉత్తరప్రదేశ్‌లో శవమై కనిపించగా.. మంగళవారం దేశ రాజధానిలో ఓ ట్రైనీ ఐఏఎస్ మహిళా అధికారిని రక్షించబోయి ప్రాణాలు కోల్పోయారు. మహిళా అధికారి జారి స్విమ్మింగ్‌పూల్‌లో పడిపోవడంతో ఆమెను కాపాడటానికి కొందరు ట్రైనీ ఐఏఎస్‌లు అందులోకి దూకారు. వారిలో ఆశీష్ కూడా ఉన్నారు. ఆమెను రక్షించి మిగిలిన అధికారులు ఒడ్డుకు చేరుకోగా.. ఈత తెలియని ఆశీష్ నీటిలో మునిగిపోయారు. ఇది గుర్తించిన మిగిలిన వారు మరలా ఆశీష్ కోసం నీటిలోకి దూకారు. ఆశీష్‌ను ఒడ్డుకు చేర్చి మెడికల్ ఆఫీసర్‌కు సమాచారం అందించారు. ఈలోగా ప్రాథమిక చికిత్స అందించినా ఆశీష్ ప్రాణాలు కాపాడులేకపోయారు. ఆసుపత్రికి చేరుకునే లోపే ఆశీష్ మరణించినట్లు డాక్టర్లు వెల్లడించారు. ఆశీష్ తోటి అధికారులు, స్నేహితుల నుంచి స్టేట్‌మెంట్స్ రికార్డ్ చేస్తున్నట్లు వెల్లడించారు. ఘటనపై కేసు నమోదు చేసుకుని దర్యాప్తు చేపట్టినట్లు పోలీసులు తెలిపారు.

ఎయిర్‌పోర్టుల్లో బంగారం స్వాధీనం

చెన్నై/హైదరాబాద్,మే30: అక్రమంగా బంగారం స్మగ్లింగ్ చేస్తున్న రెండు ముఠాలను రెవన్యూ ఇంటెలిజెన్స్ అధికారులు పట్టుకున్నారు. ఆ ముఠాల నుంచి సుమారు 13.2 కిలోల బంగారాన్ని స్వాధీనం చేసుకున్నారు. చెన్నై, తిరుచరాపల్లి ఎయిర్‌పోర్టుల్లో అధికారులు తనిఖీ చేస్తుండగా ఈ బంగారం పట్టుబడింది. పిల్లల సైకిల్‌లో పెట్టి బంగారాన్ని తరలిస్తున్నట్లు అధికారులు గుర్తించారు. అలాగే అక్రమంగా తీసుకువచ్చిన బంగారాన్ని కస్టమ్స్ అధికారులు స్వాధీనం చేసుకున్నారు. ఈ ఘటన శంషాబాద్ విమానాశ్రయంలో చోటుచేసుకుంది. ప్రయాణికుల తనిఖీల్లో భాగంగా చేపట్టిన సోదాల్లో అధికారులు 387 గ్రాముల బంగారంను గుర్తించి సీజ్ చేశారు. జిద్దా నుంచి శంషాబాద్ ఎయిర్‌పోర్టు వ్యక్తి వద్ద ఈ బంగారంను స్వాధీనం చేసుకున్నారు. నిందితుడిని అదుపులోకి తీసుకుని విచారణ చేపట్టారు.

జాదవ్‌పై పాక్ మరో కొత్త పేచీ

ఇస్లామాబాద్,మే30: ఉరిశిక్ష ఎదుర్కొంటున్న భారత జాతీయుడు కులభూషణ్ జాధవ్ విషయంలో దాయాది దేశం పాక్ కొత్త వాదనను తెరపైకి తెచ్చింది. తమ దేశంలో ఇటీవల జరిగిన ఉగ్రవాద దాడుల గురించి కీలక నిఘా సమాచారాన్ని జాధవ్‌తో తమతో పంచుకున్నాడని చెప్పుకొచ్చింది. పాకిస్థాన్‌లో ఇటీవల జరిగిన ఉగ్రవాద దాడుల గురించి కీలక ఇంటెలిజెన్స్ సమాచారాన్ని జాధవ్ మాతో పంచుకుంటున్నాడు' అని పాక్ విదేశాంగ అధికార ప్రతినిధి నఫీస్ జకారియా డాన్ పత్రికకు ఇచ్చిన ఇంటర్వ్యూలో తెలిపారు. అయితే, జాధవ్ ఎలాంటి సమాచారాన్ని బయటపెట్టాడనే విషయాన్ని ఆయన తెలుపలేదు. గూఢచర్యం ఆరోపణలపై జాధవ్‌కు పాక్ ఆర్మీ మిలిటరీ కోర్టు ఉరిశిక్ష విధించిన సంగతి తెలిసిందే. అయితే, ఎలాంటి ఆధారాలు లేకుండా ఏకపక్షంగా శిక్ష విధించడాన్ని తప్పుబడుతూ ఆయన ఉరిశిక్షపై హేగ్‌లోని అంతర్జాతీయ న్యాయస్థానం స్టే విధించింది. దీనిని పట్టించుకోకపోయిన ఇప్పటికే పాక్ వెల్లడించింది. మరోవైపు జాదవ్‌ను వెంటనే ఉరి తీయాలని కొందరు పాక్ సుప్రీంలో కేసు వేశారు. తాజాగా పాక్ తీరు అనేక అనుమానాలకు తావిస్తోంది.
